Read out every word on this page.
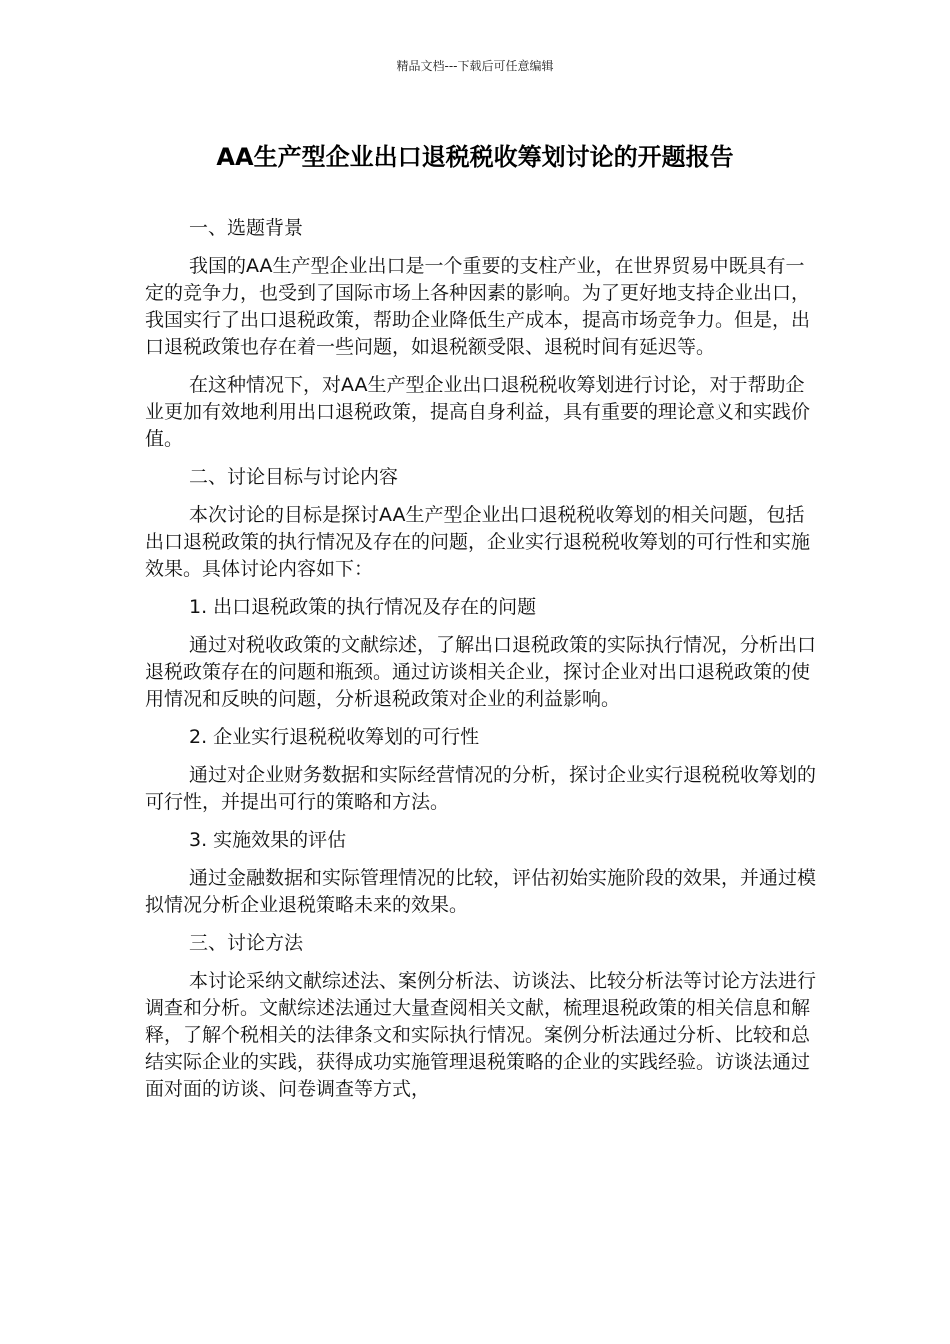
精品文档---下载后可任意编辑
AA生产型企业出口退税税收筹划讨论的开题报告

一、选题背景

我国的AA生产型企业出口是一个重要的支柱产业，在世界贸易中既具有一定的竞争力，也受到了国际市场上各种因素的影响。为了更好地支持企业出口，我国实行了出口退税政策，帮助企业降低生产成本，提高市场竞争力。但是，出口退税政策也存在着一些问题，如退税额受限、退税时间有延迟等。

在这种情况下，对AA生产型企业出口退税税收筹划进行讨论，对于帮助企业更加有效地利用出口退税政策，提高自身利益，具有重要的理论意义和实践价值。

二、讨论目标与讨论内容

本次讨论的目标是探讨AA生产型企业出口退税税收筹划的相关问题，包括出口退税政策的执行情况及存在的问题，企业实行退税税收筹划的可行性和实施效果。具体讨论内容如下：

1. 出口退税政策的执行情况及存在的问题

通过对税收政策的文献综述，了解出口退税政策的实际执行情况，分析出口退税政策存在的问题和瓶颈。通过访谈相关企业，探讨企业对出口退税政策的使用情况和反映的问题，分析退税政策对企业的利益影响。

2. 企业实行退税税收筹划的可行性

通过对企业财务数据和实际经营情况的分析，探讨企业实行退税税收筹划的可行性，并提出可行的策略和方法。

3. 实施效果的评估

通过金融数据和实际管理情况的比较，评估初始实施阶段的效果，并通过模拟情况分析企业退税策略未来的效果。

三、讨论方法

本讨论采纳文献综述法、案例分析法、访谈法、比较分析法等讨论方法进行调查和分析。文献综述法通过大量查阅相关文献，梳理退税政策的相关信息和解释，了解个税相关的法律条文和实际执行情况。案例分析法通过分析、比较和总结实际企业的实践，获得成功实施管理退税策略的企业的实践经验。访谈法通过面对面的访谈、问卷调查等方式，
